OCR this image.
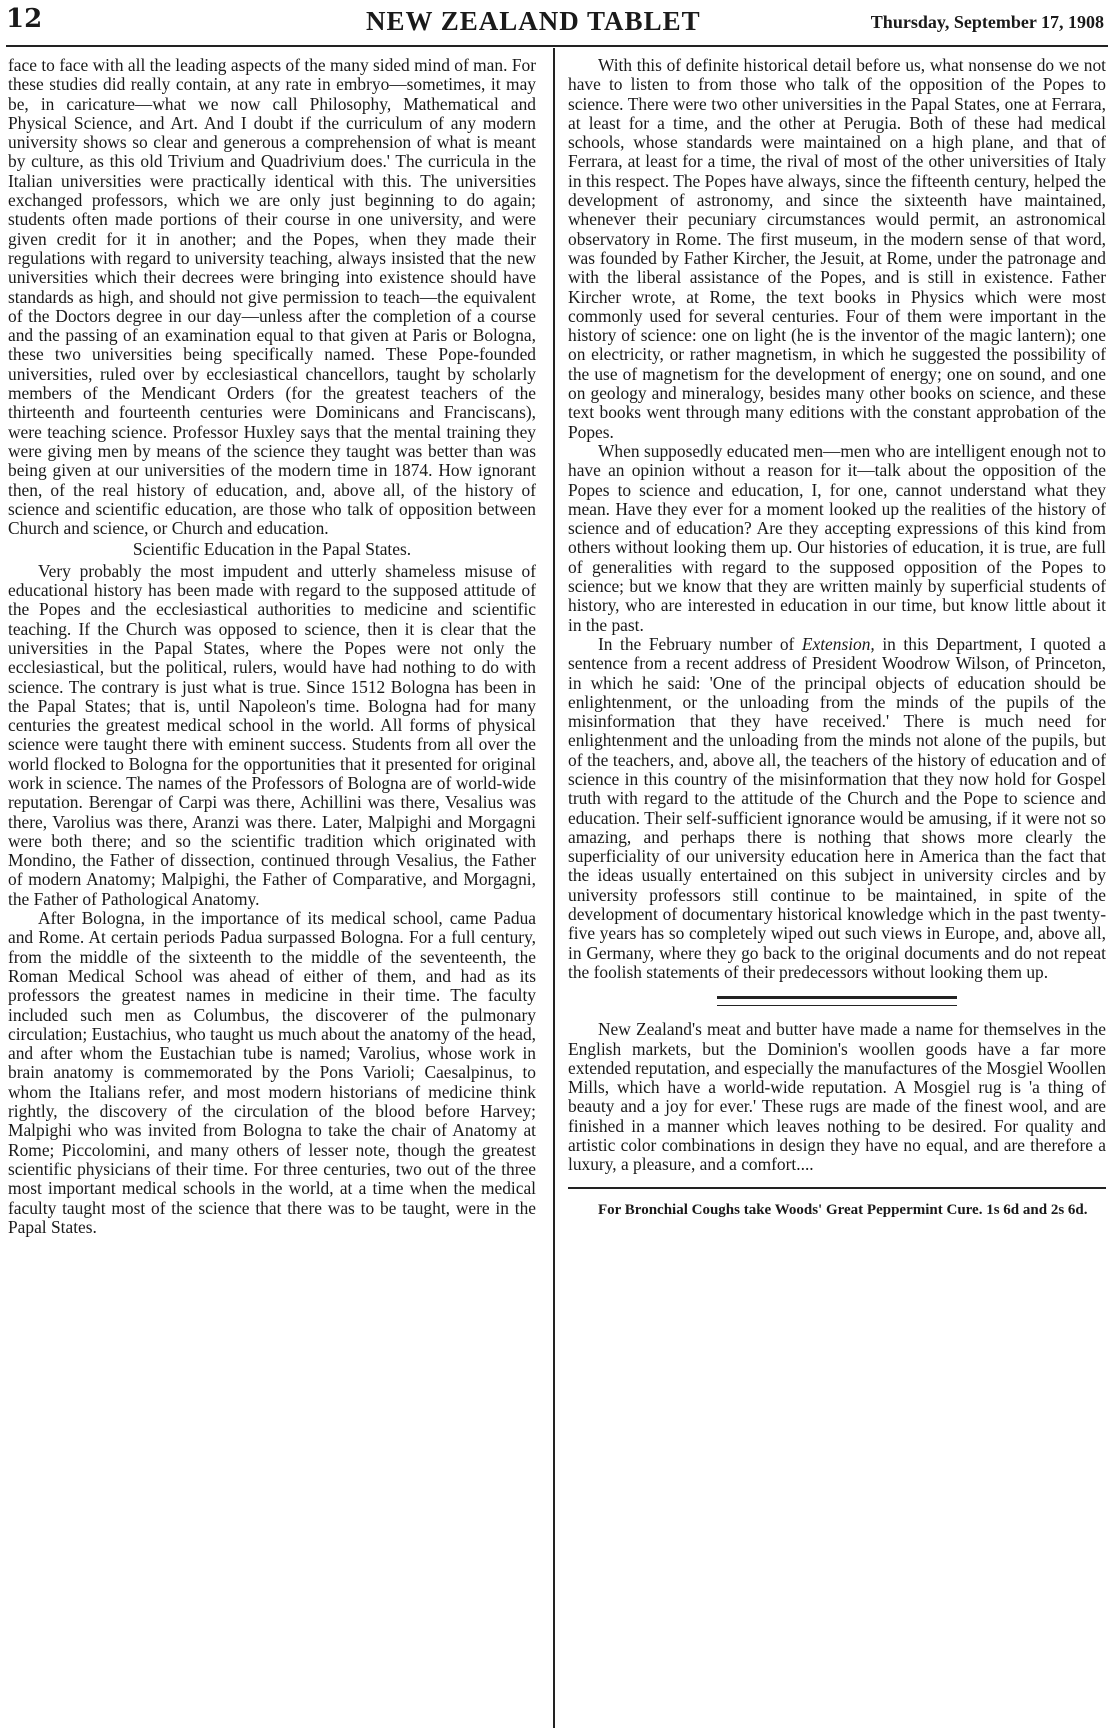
12	NEW ZEALAND TABLET	Thursday, September 17, 1908

face to face with all the leading aspects of the many sided mind of man. For these studies did really contain, at any rate in embryo—sometimes, it may be, in caricature—what we now call Philosophy, Mathematical and Physical Science, and Art. And I doubt if the curriculum of any modern university shows so clear and generous a comprehension of what is meant by culture, as this old Trivium and Quadrivium does.' The curricula in the Italian universities were practically identical with this. The universities exchanged professors, which we are only just beginning to do again; students often made portions of their course in one university, and were given credit for it in another; and the Popes, when they made their regulations with regard to university teaching, always insisted that the new universities which their decrees were bringing into existence should have standards as high, and should not give permission to teach—the equivalent of the Doctors degree in our day—unless after the completion of a course and the passing of an examination equal to that given at Paris or Bologna, these two universities being specifically named. These Pope-founded universities, ruled over by ecclesiastical chancellors, taught by scholarly members of the Mendicant Orders (for the greatest teachers of the thirteenth and fourteenth centuries were Dominicans and Franciscans), were teaching science. Professor Huxley says that the mental training they were giving men by means of the science they taught was better than was being given at our universities of the modern time in 1874. How ignorant then, of the real history of education, and, above all, of the history of science and scientific education, are those who talk of opposition between Church and science, or Church and education.

Scientific Education in the Papal States.

Very probably the most impudent and utterly shameless misuse of educational history has been made with regard to the supposed attitude of the Popes and the ecclesiastical authorities to medicine and scientific teaching. If the Church was opposed to science, then it is clear that the universities in the Papal States, where the Popes were not only the ecclesiastical, but the political, rulers, would have had nothing to do with science. The contrary is just what is true. Since 1512 Bologna has been in the Papal States; that is, until Napoleon's time. Bologna had for many centuries the greatest medical school in the world. All forms of physical science were taught there with eminent success. Students from all over the world flocked to Bologna for the opportunities that it presented for original work in science. The names of the Professors of Bologna are of world-wide reputation. Berengar of Carpi was there, Achillini was there, Vesalius was there, Varolius was there, Aranzi was there. Later, Malpighi and Morgagni were both there; and so the scientific tradition which originated with Mondino, the Father of dissection, continued through Vesalius, the Father of modern Anatomy; Malpighi, the Father of Comparative, and Morgagni, the Father of Pathological Anatomy.

After Bologna, in the importance of its medical school, came Padua and Rome. At certain periods Padua surpassed Bologna. For a full century, from the middle of the sixteenth to the middle of the seventeenth, the Roman Medical School was ahead of either of them, and had as its professors the greatest names in medicine in their time. The faculty included such men as Columbus, the discoverer of the pulmonary circulation; Eustachius, who taught us much about the anatomy of the head, and after whom the Eustachian tube is named; Varolius, whose work in brain anatomy is commemorated by the Pons Varioli; Caesalpinus, to whom the Italians refer, and most modern historians of medicine think rightly, the discovery of the circulation of the blood before Harvey; Malpighi who was invited from Bologna to take the chair of Anatomy at Rome; Piccolomini, and many others of lesser note, though the greatest scientific physicians of their time. For three centuries, two out of the three most important medical schools in the world, at a time when the medical faculty taught most of the science that there was to be taught, were in the Papal States.

With this of definite historical detail before us, what nonsense do we not have to listen to from those who talk of the opposition of the Popes to science. There were two other universities in the Papal States, one at Ferrara, at least for a time, and the other at Perugia. Both of these had medical schools, whose standards were maintained on a high plane, and that of Ferrara, at least for a time, the rival of most of the other universities of Italy in this respect. The Popes have always, since the fifteenth century, helped the development of astronomy, and since the sixteenth have maintained, whenever their pecuniary circumstances would permit, an astronomical observatory in Rome. The first museum, in the modern sense of that word, was founded by Father Kircher, the Jesuit, at Rome, under the patronage and with the liberal assistance of the Popes, and is still in existence. Father Kircher wrote, at Rome, the text books in Physics which were most commonly used for several centuries. Four of them were important in the history of science: one on light (he is the inventor of the magic lantern); one on electricity, or rather magnetism, in which he suggested the possibility of the use of magnetism for the development of energy; one on sound, and one on geology and mineralogy, besides many other books on science, and these text books went through many editions with the constant approbation of the Popes.

When supposedly educated men—men who are intelligent enough not to have an opinion without a reason for it—talk about the opposition of the Popes to science and education, I, for one, cannot understand what they mean. Have they ever for a moment looked up the realities of the history of science and of education? Are they accepting expressions of this kind from others without looking them up. Our histories of education, it is true, are full of generalities with regard to the supposed opposition of the Popes to science; but we know that they are written mainly by superficial students of history, who are interested in education in our time, but know little about it in the past.

In the February number of Extension, in this Department, I quoted a sentence from a recent address of President Woodrow Wilson, of Princeton, in which he said: 'One of the principal objects of education should be enlightenment, or the unloading from the minds of the pupils of the misinformation that they have received.' There is much need for enlightenment and the unloading from the minds not alone of the pupils, but of the teachers, and, above all, the teachers of the history of education and of science in this country of the misinformation that they now hold for Gospel truth with regard to the attitude of the Church and the Pope to science and education. Their self-sufficient ignorance would be amusing, if it were not so amazing, and perhaps there is nothing that shows more clearly the superficiality of our university education here in America than the fact that the ideas usually entertained on this subject in university circles and by university professors still continue to be maintained, in spite of the development of documentary historical knowledge which in the past twenty-five years has so completely wiped out such views in Europe, and, above all, in Germany, where they go back to the original documents and do not repeat the foolish statements of their predecessors without looking them up.

New Zealand's meat and butter have made a name for themselves in the English markets, but the Dominion's woollen goods have a far more extended reputation, and especially the manufactures of the Mosgiel Woollen Mills, which have a world-wide reputation. A Mosgiel rug is 'a thing of beauty and a joy for ever.' These rugs are made of the finest wool, and are finished in a manner which leaves nothing to be desired. For quality and artistic color combinations in design they have no equal, and are therefore a luxury, a pleasure, and a comfort....

For Bronchial Coughs take Woods' Great Peppermint Cure. 1s 6d and 2s 6d.
